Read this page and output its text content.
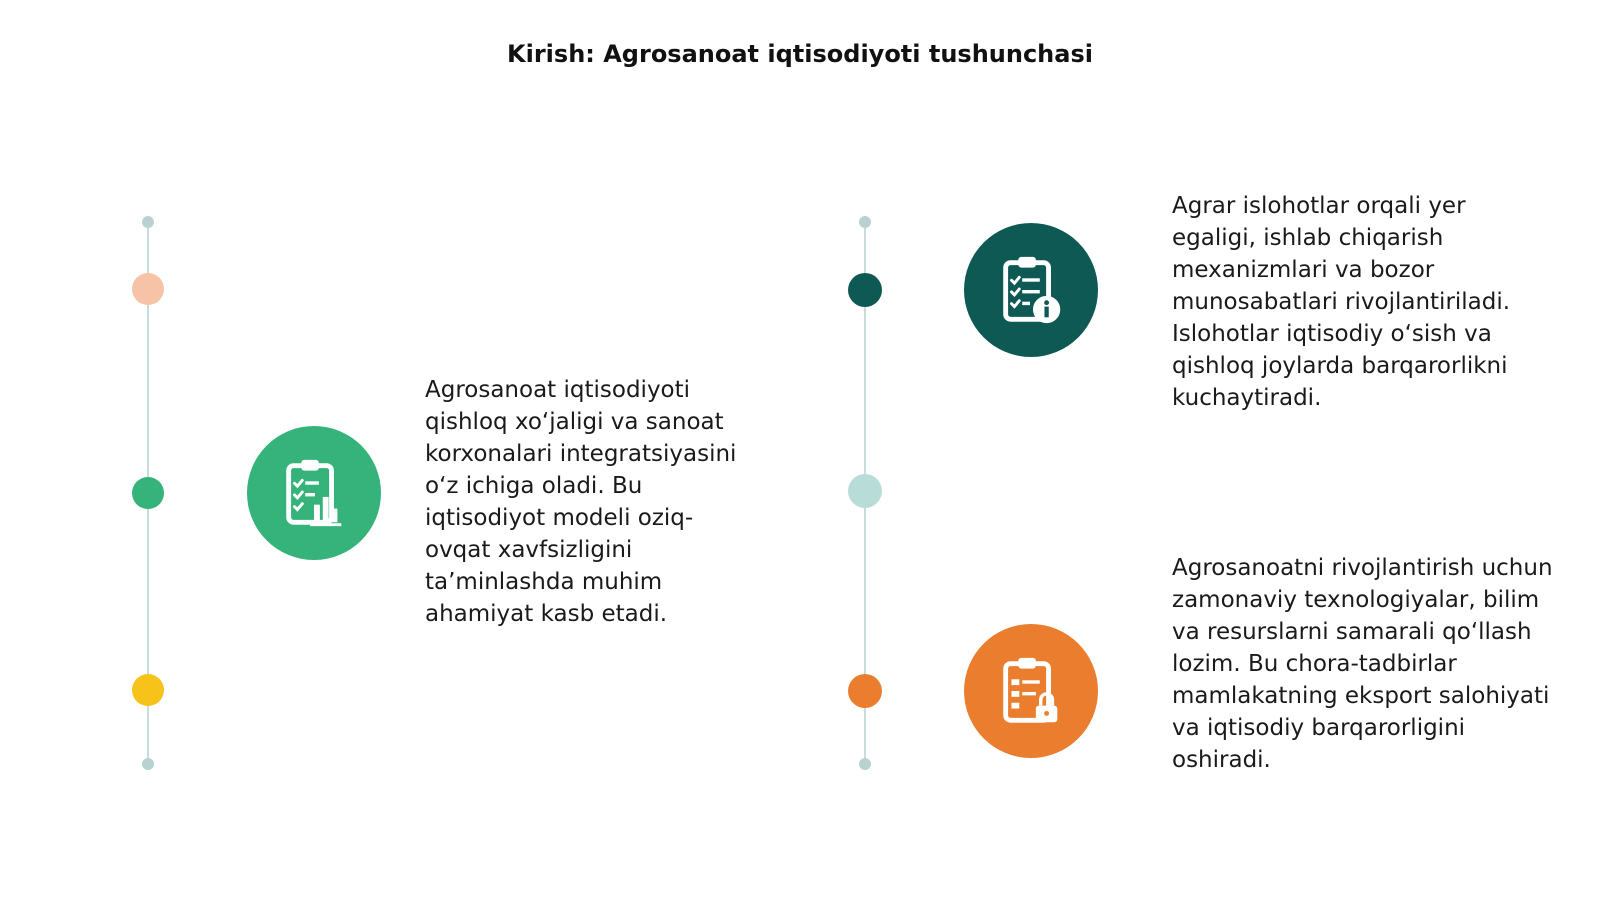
Kirish: Agrosanoat iqtisodiyoti tushunchasi

Agrosanoat iqtisodiyoti qishloq xo‘jaligi va sanoat korxonalari integratsiyasini o‘z ichiga oladi. Bu iqtisodiyot modeli oziq-ovqat xavfsizligini ta’minlashda muhim ahamiyat kasb etadi.

Agrar islohotlar orqali yer egaligi, ishlab chiqarish mexanizmlari va bozor munosabatlari rivojlantiriladi. Islohotlar iqtisodiy o‘sish va qishloq joylarda barqarorlikni kuchaytiradi.

Agrosanoatni rivojlantirish uchun zamonaviy texnologiyalar, bilim va resurslarni samarali qo‘llash lozim. Bu chora-tadbirlar mamlakatning eksport salohiyati va iqtisodiy barqarorligini oshiradi.
